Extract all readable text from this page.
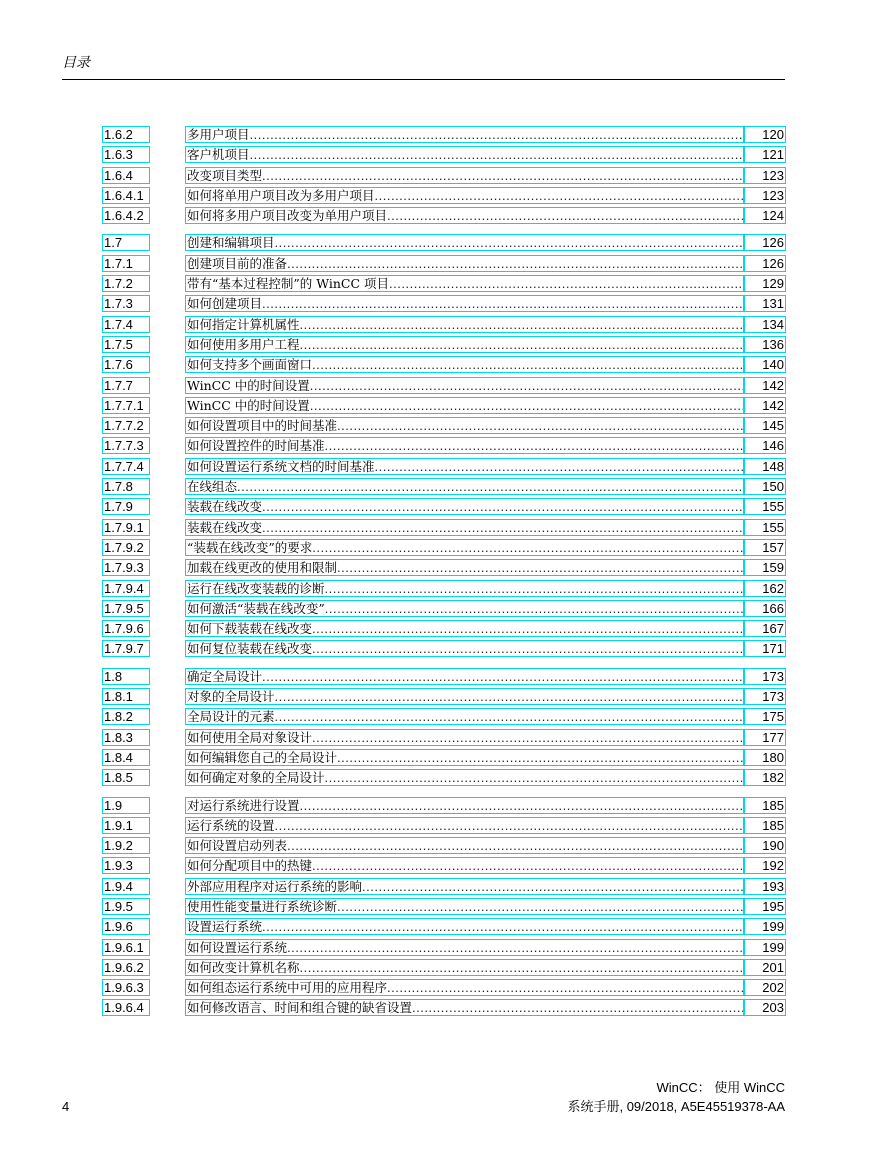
目录
1.6.2	多用户项目 .....	120
1.6.3	客户机项目 .....	121
1.6.4	改变项目类型 .....	123
1.6.4.1	如何将单用户项目改为多用户项目 .....	123
1.6.4.2	如何将多用户项目改变为单用户项目 .....	124
1.7	创建和编辑项目 .....	126
1.7.1	创建项目前的准备 .....	126
1.7.2	带有“基本过程控制”的 WinCC 项目 .....	129
1.7.3	如何创建项目 .....	131
1.7.4	如何指定计算机属性 .....	134
1.7.5	如何使用多用户工程 .....	136
1.7.6	如何支持多个画面窗口 .....	140
1.7.7	WinCC 中的时间设置 .....	142
1.7.7.1	WinCC 中的时间设置 .....	142
1.7.7.2	如何设置项目中的时间基准 .....	145
1.7.7.3	如何设置控件的时间基准 .....	146
1.7.7.4	如何设置运行系统文档的时间基准 .....	148
1.7.8	在线组态 .....	150
1.7.9	装载在线改变 .....	155
1.7.9.1	装载在线改变 .....	155
1.7.9.2	“装载在线改变”的要求 .....	157
1.7.9.3	加载在线更改的使用和限制 .....	159
1.7.9.4	运行在线改变装载的诊断 .....	162
1.7.9.5	如何激活“装载在线改变” .....	166
1.7.9.6	如何下载装载在线改变 .....	167
1.7.9.7	如何复位装载在线改变 .....	171
1.8	确定全局设计 .....	173
1.8.1	对象的全局设计 .....	173
1.8.2	全局设计的元素 .....	175
1.8.3	如何使用全局对象设计 .....	177
1.8.4	如何编辑您自己的全局设计 .....	180
1.8.5	如何确定对象的全局设计 .....	182
1.9	对运行系统进行设置 .....	185
1.9.1	运行系统的设置 .....	185
1.9.2	如何设置启动列表 .....	190
1.9.3	如何分配项目中的热键 .....	192
1.9.4	外部应用程序对运行系统的影响 .....	193
1.9.5	使用性能变量进行系统诊断 .....	195
1.9.6	设置运行系统 .....	199
1.9.6.1	如何设置运行系统 .....	199
1.9.6.2	如何改变计算机名称 .....	201
1.9.6.3	如何组态运行系统中可用的应用程序 .....	202
1.9.6.4	如何修改语言、时间和组合键的缺省设置 .....	203
WinCC： 使用 WinCC
系统手册, 09/2018, A5E45519378-AA
4
